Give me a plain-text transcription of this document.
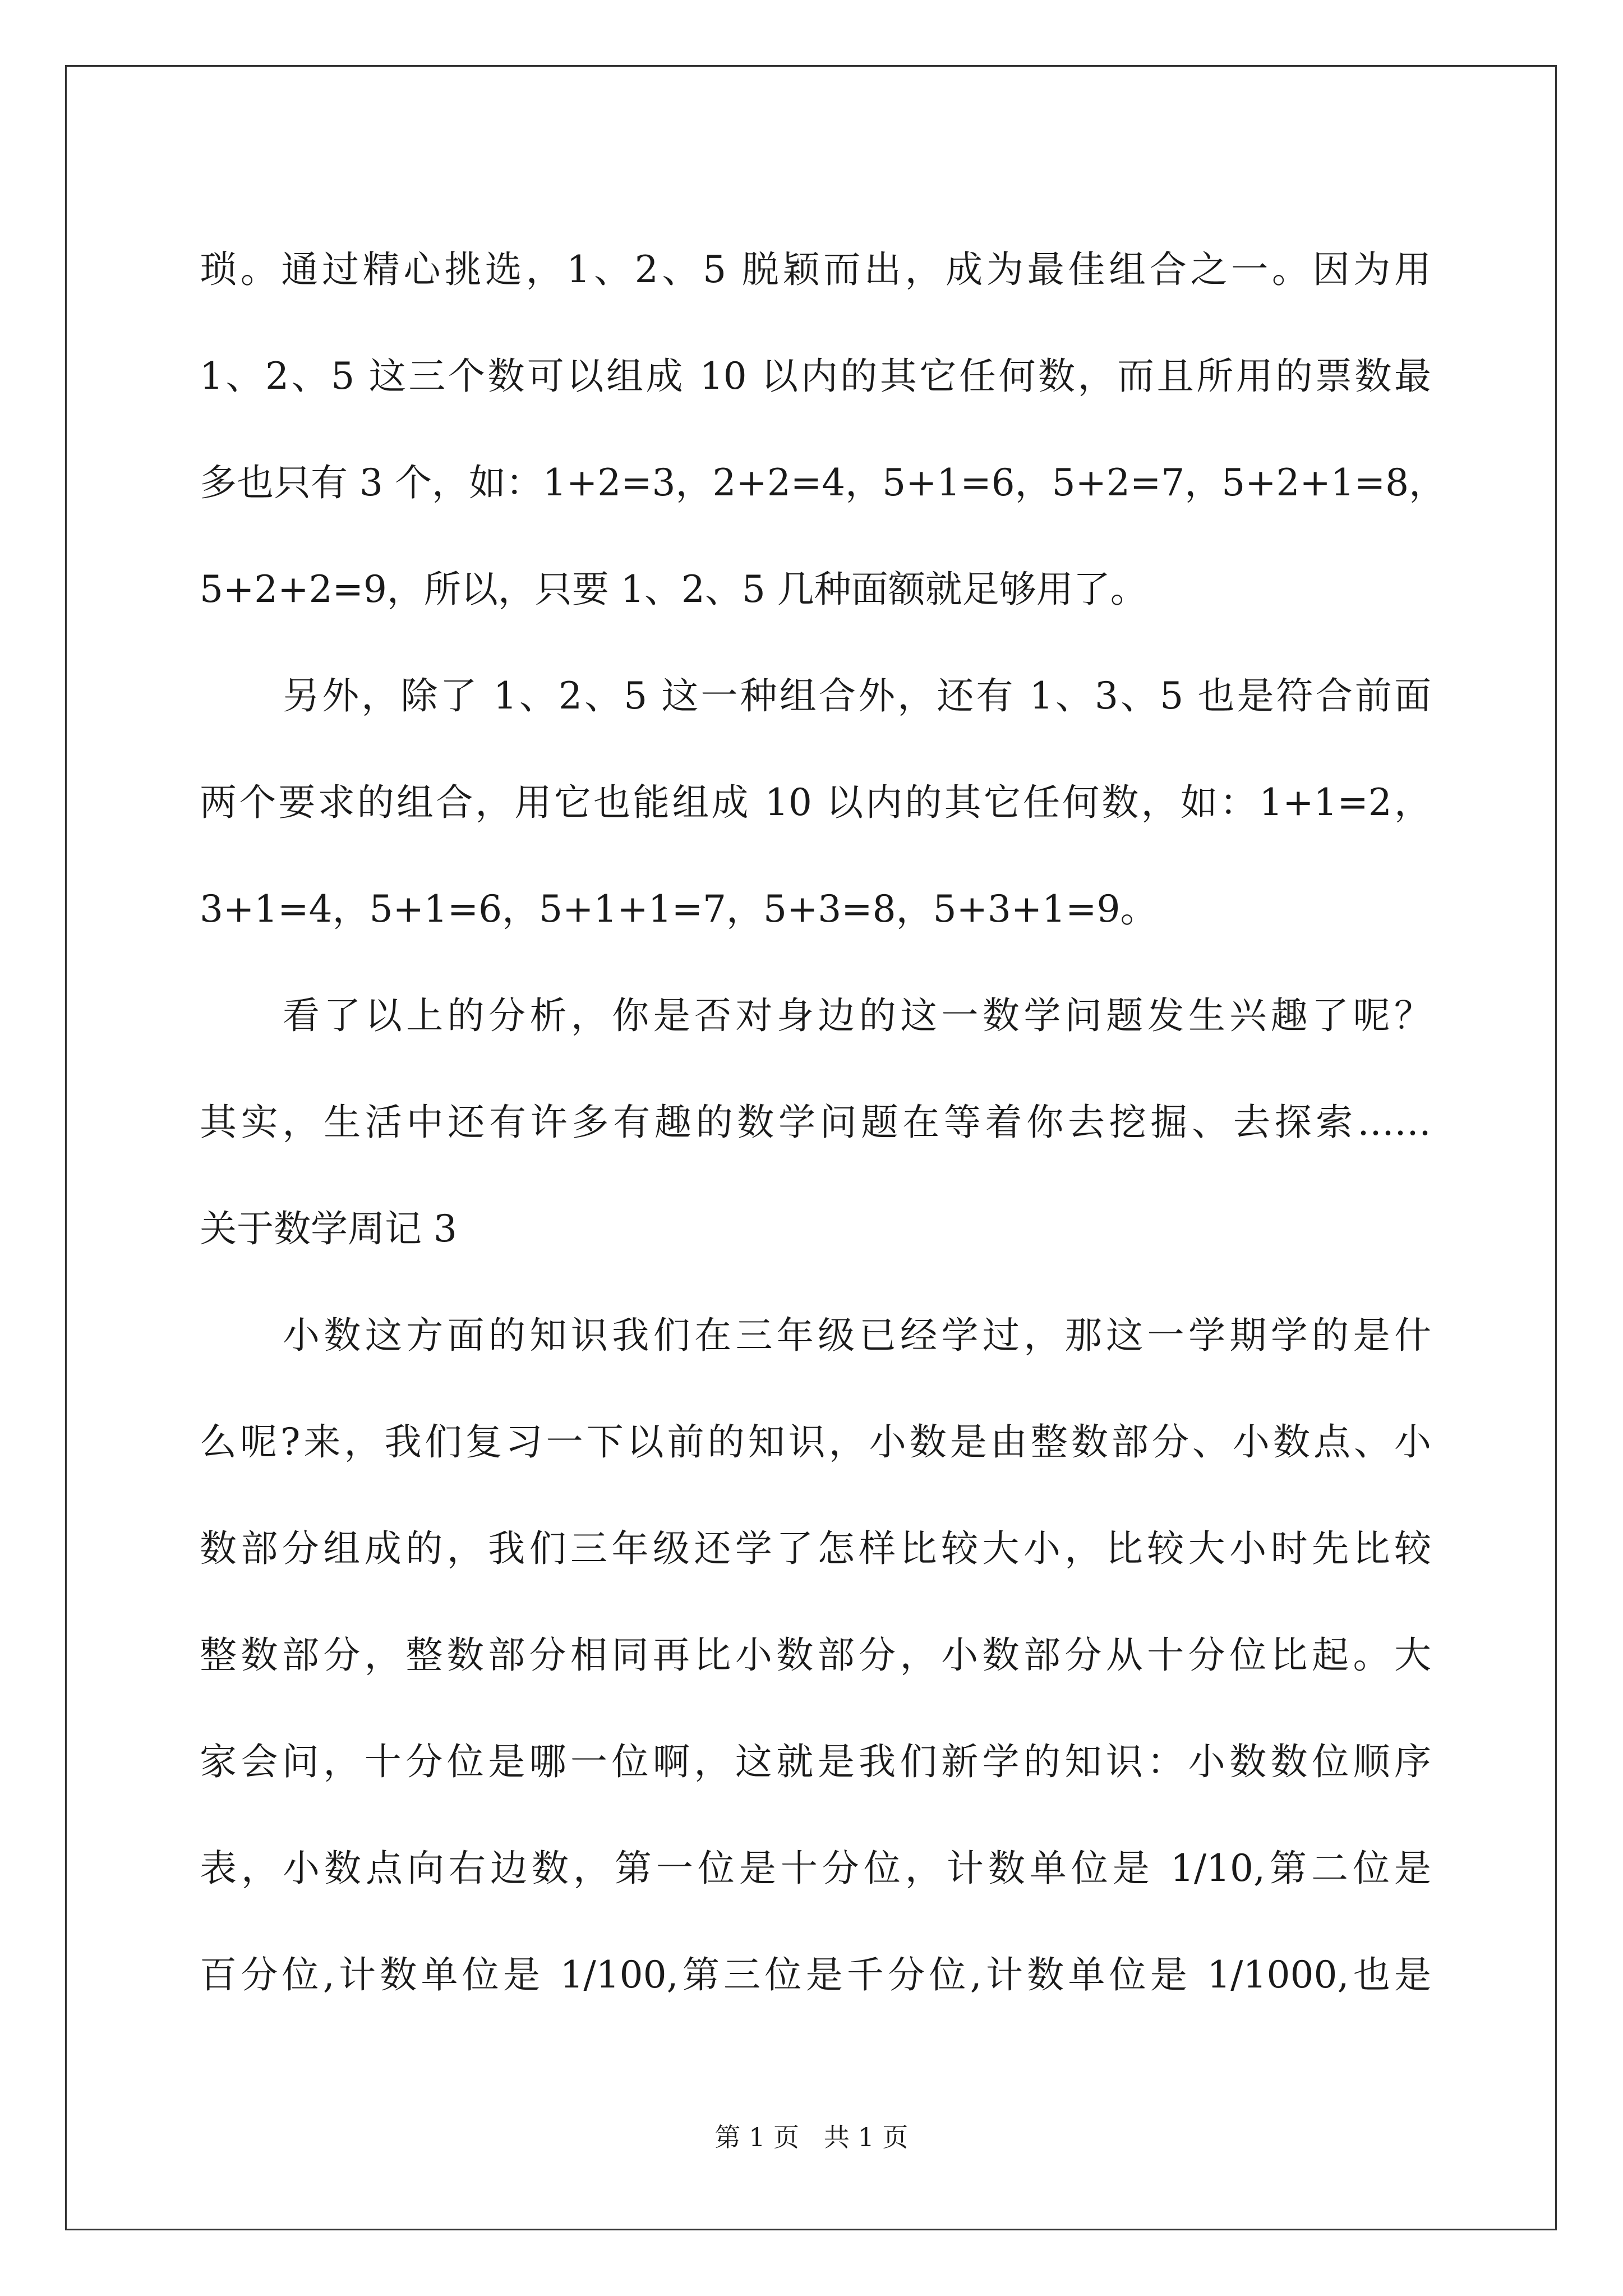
琐。通过精心挑选，1、2、5 脱颖而出，成为最佳组合之一。因为用
1、2、5 这三个数可以组成 10 以内的其它任何数，而且所用的票数最
多也只有 3 个，如：1+2=3，2+2=4，5+1=6，5+2=7，5+2+1=8，
5+2+2=9，所以，只要 1、2、5 几种面额就足够用了。
另外，除了 1、2、5 这一种组合外，还有 1、3、5 也是符合前面
两个要求的组合，用它也能组成 10 以内的其它任何数，如：1+1=2，
3+1=4，5+1=6，5+1+1=7，5+3=8，5+3+1=9。
看了以上的分析，你是否对身边的这一数学问题发生兴趣了呢？
其实，生活中还有许多有趣的数学问题在等着你去挖掘、去探索……
关于数学周记 3
小数这方面的知识我们在三年级已经学过，那这一学期学的是什
么呢?来，我们复习一下以前的知识，小数是由整数部分、小数点、小
数部分组成的，我们三年级还学了怎样比较大小，比较大小时先比较
整数部分，整数部分相同再比小数部分，小数部分从十分位比起。大
家会问，十分位是哪一位啊，这就是我们新学的知识：小数数位顺序
表，小数点向右边数，第一位是十分位，计数单位是 1/10,第二位是
百分位,计数单位是 1/100,第三位是千分位,计数单位是 1/1000,也是
第 1 页   共 1 页
